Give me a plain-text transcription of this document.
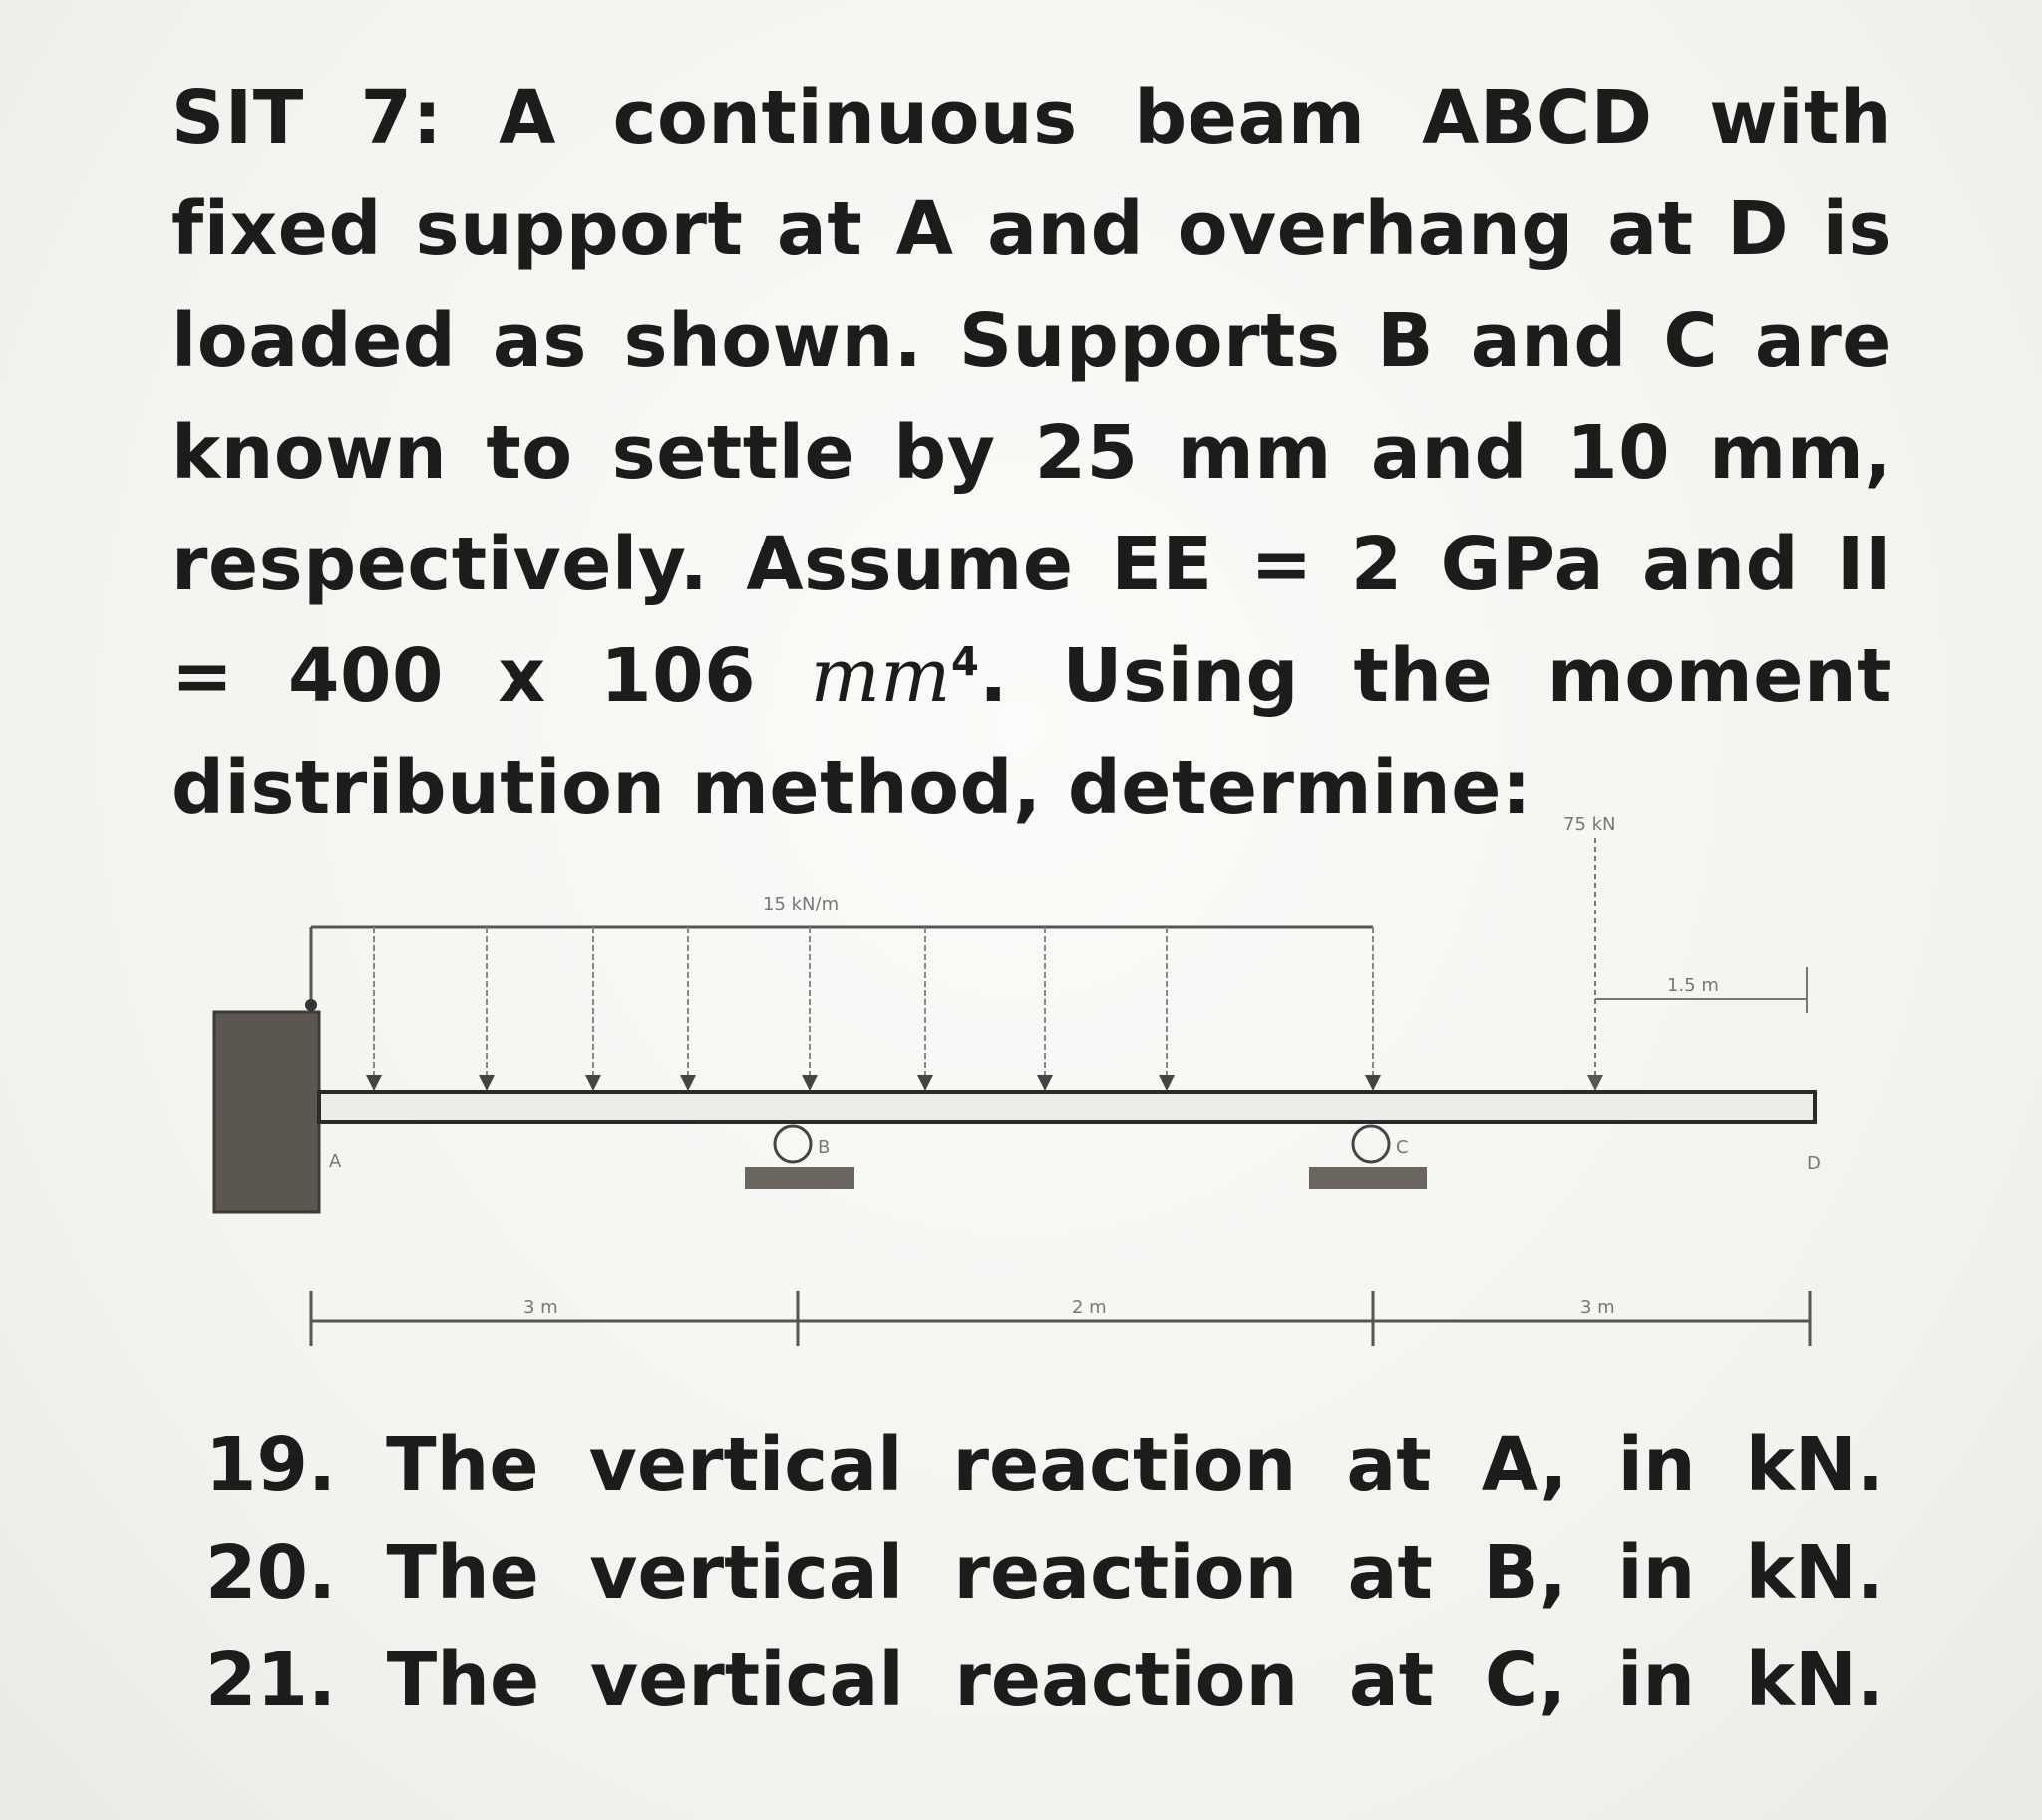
SIT 7: A continuous beam ABCD with fixed support at A and overhang at D is loaded as shown. Supports B and C are known to settle by 25 mm and 10 mm, respectively. Assume EE = 2 GPa and II = 400 x 106 $mm^4$. Using the moment distribution method, determine:
15 kN/m
B	C
A	D
75 kN
1.5 m
3 m	2 m	3 m
19. The vertical reaction at A, in kN.
20. The vertical reaction at B, in kN.
21. The vertical reaction at C, in kN.
